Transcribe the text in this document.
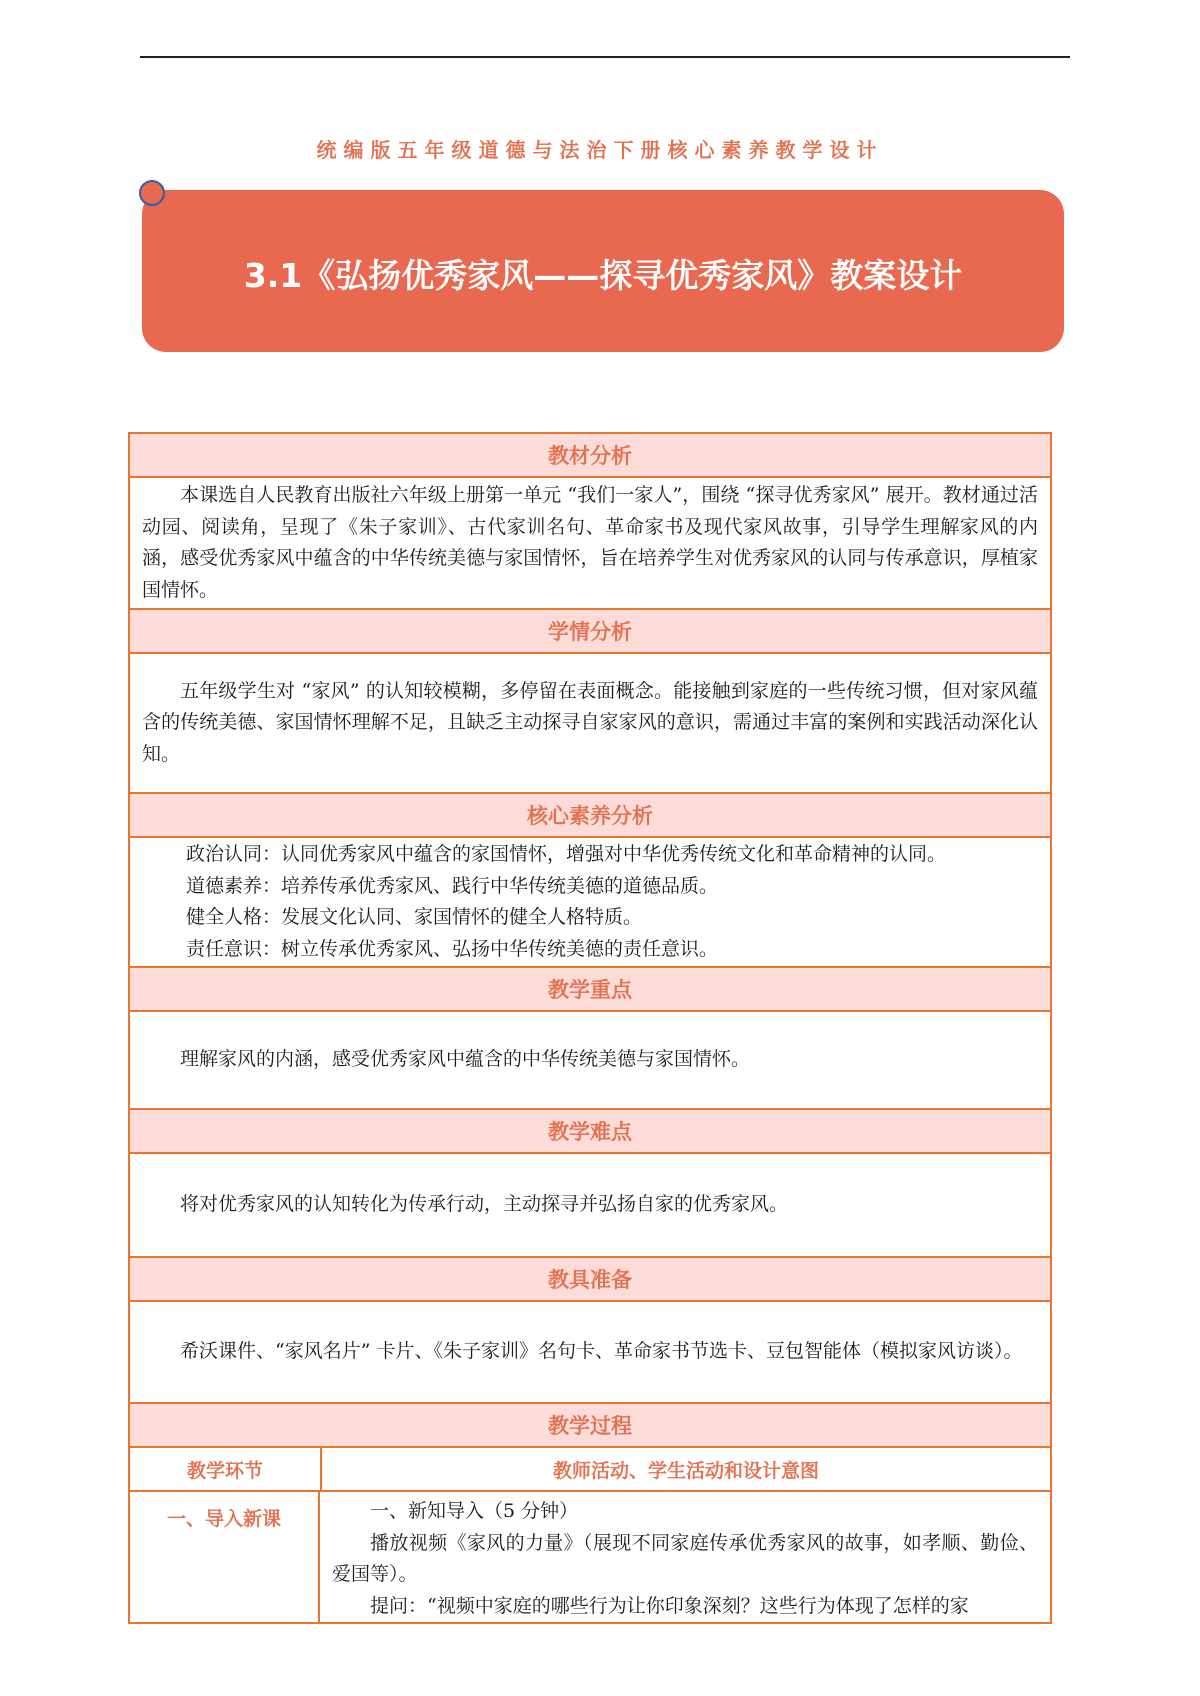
统编版五年级道德与法治下册核心素养教学设计
3.1《弘扬优秀家风——探寻优秀家风》教案设计
教材分析

本课选自人民教育出版社六年级上册第一单元 “我们一家人”，围绕 “探寻优秀家风” 展开。教材通过活动园、阅读角，呈现了《朱子家训》、古代家训名句、革命家书及现代家风故事，引导学生理解家风的内涵，感受优秀家风中蕴含的中华传统美德与家国情怀，旨在培养学生对优秀家风的认同与传承意识，厚植家国情怀。

学情分析

五年级学生对 “家风” 的认知较模糊，多停留在表面概念。能接触到家庭的一些传统习惯，但对家风蕴含的传统美德、家国情怀理解不足，且缺乏主动探寻自家家风的意识，需通过丰富的案例和实践活动深化认知。

核心素养分析

政治认同：认同优秀家风中蕴含的家国情怀，增强对中华优秀传统文化和革命精神的认同。

道德素养：培养传承优秀家风、践行中华传统美德的道德品质。

健全人格：发展文化认同、家国情怀的健全人格特质。

责任意识：树立传承优秀家风、弘扬中华传统美德的责任意识。

教学重点

理解家风的内涵，感受优秀家风中蕴含的中华传统美德与家国情怀。

教学难点

将对优秀家风的认知转化为传承行动，主动探寻并弘扬自家的优秀家风。

教具准备

希沃课件、“家风名片” 卡片、《朱子家训》名句卡、革命家书节选卡、豆包智能体（模拟家风访谈）。

教学过程
教学环节	教师活动、学生活动和设计意图
一、导入新课	一、新知导入（5 分钟）

播放视频《家风的力量》（展现不同家庭传承优秀家风的故事，如孝顺、勤俭、爱国等）。

提问：“视频中家庭的哪些行为让你印象深刻？这些行为体现了怎样的家
